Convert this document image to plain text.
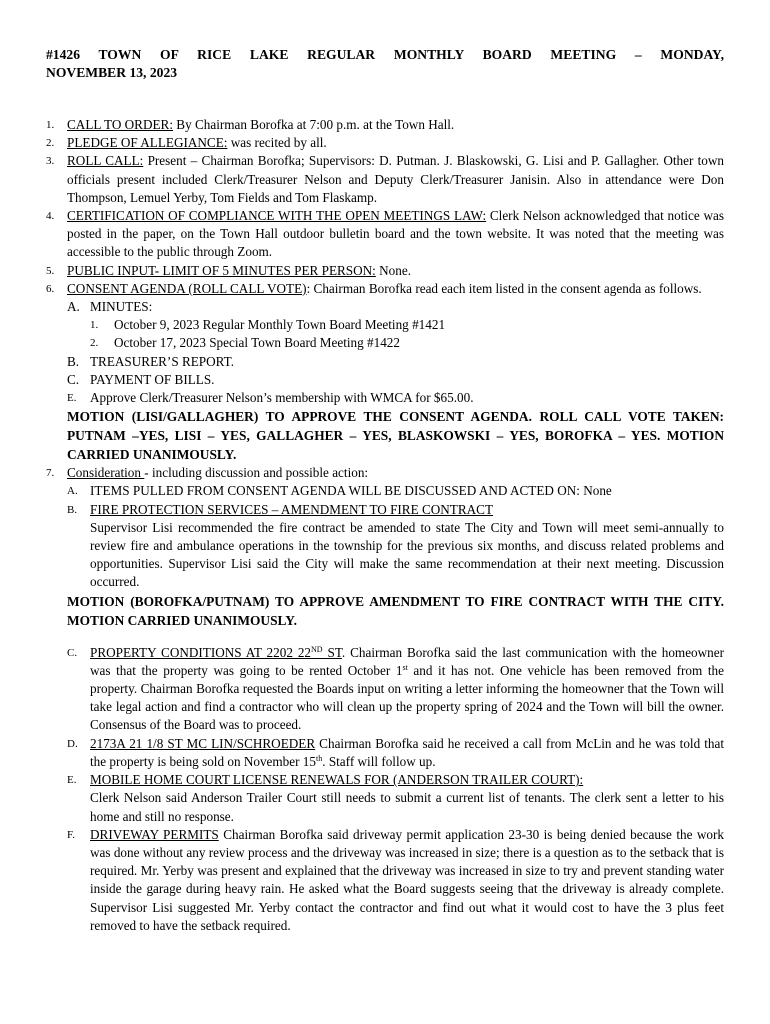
#1426 TOWN OF RICE LAKE REGULAR MONTHLY BOARD MEETING – MONDAY,
NOVEMBER 13, 2023
1. CALL TO ORDER: By Chairman Borofka at 7:00 p.m. at the Town Hall.
2. PLEDGE OF ALLEGIANCE: was recited by all.
3. ROLL CALL: Present – Chairman Borofka; Supervisors: D. Putman. J. Blaskowski, G. Lisi and P. Gallagher. Other town officials present included Clerk/Treasurer Nelson and Deputy Clerk/Treasurer Janisin. Also in attendance were Don Thompson, Lemuel Yerby, Tom Fields and Tom Flaskamp.
4. CERTIFICATION OF COMPLIANCE WITH THE OPEN MEETINGS LAW: Clerk Nelson acknowledged that notice was posted in the paper, on the Town Hall outdoor bulletin board and the town website. It was noted that the meeting was accessible to the public through Zoom.
5. PUBLIC INPUT- LIMIT OF 5 MINUTES PER PERSON: None.
6. CONSENT AGENDA (ROLL CALL VOTE): Chairman Borofka read each item listed in the consent agenda as follows.
A. MINUTES:
1. October 9, 2023 Regular Monthly Town Board Meeting #1421
2. October 17, 2023 Special Town Board Meeting #1422
B. TREASURER’S REPORT.
C. PAYMENT OF BILLS.
E. Approve Clerk/Treasurer Nelson’s membership with WMCA for $65.00.
MOTION (LISI/GALLAGHER) TO APPROVE THE CONSENT AGENDA. ROLL CALL VOTE TAKEN: PUTNAM –YES, LISI – YES, GALLAGHER – YES, BLASKOWSKI – YES, BOROFKA – YES. MOTION CARRIED UNANIMOUSLY.
7. Consideration - including discussion and possible action:
A. ITEMS PULLED FROM CONSENT AGENDA WILL BE DISCUSSED AND ACTED ON: None
B. FIRE PROTECTION SERVICES – AMENDMENT TO FIRE CONTRACT
Supervisor Lisi recommended the fire contract be amended to state The City and Town will meet semi-annually to review fire and ambulance operations in the township for the previous six months, and discuss related problems and opportunities. Supervisor Lisi said the City will make the same recommendation at their next meeting. Discussion occurred.
MOTION (BOROFKA/PUTNAM) TO APPROVE AMENDMENT TO FIRE CONTRACT WITH THE CITY. MOTION CARRIED UNANIMOUSLY.
C. PROPERTY CONDITIONS AT 2202 22ND ST. Chairman Borofka said the last communication with the homeowner was that the property was going to be rented October 1st and it has not. One vehicle has been removed from the property. Chairman Borofka requested the Boards input on writing a letter informing the homeowner that the Town will take legal action and find a contractor who will clean up the property spring of 2024 and the Town will bill the owner. Consensus of the Board was to proceed.
D. 2173A 21 1/8 ST MC LIN/SCHROEDER Chairman Borofka said he received a call from McLin and he was told that the property is being sold on November 15th. Staff will follow up.
E. MOBILE HOME COURT LICENSE RENEWALS FOR (ANDERSON TRAILER COURT):
Clerk Nelson said Anderson Trailer Court still needs to submit a current list of tenants. The clerk sent a letter to his home and still no response.
F. DRIVEWAY PERMITS Chairman Borofka said driveway permit application 23-30 is being denied because the work was done without any review process and the driveway was increased in size; there is a question as to the setback that is required. Mr. Yerby was present and explained that the driveway was increased in size to try and prevent standing water inside the garage during heavy rain. He asked what the Board suggests seeing that the driveway is already complete. Supervisor Lisi suggested Mr. Yerby contact the contractor and find out what it would cost to have the 3 plus feet removed to have the setback required.
